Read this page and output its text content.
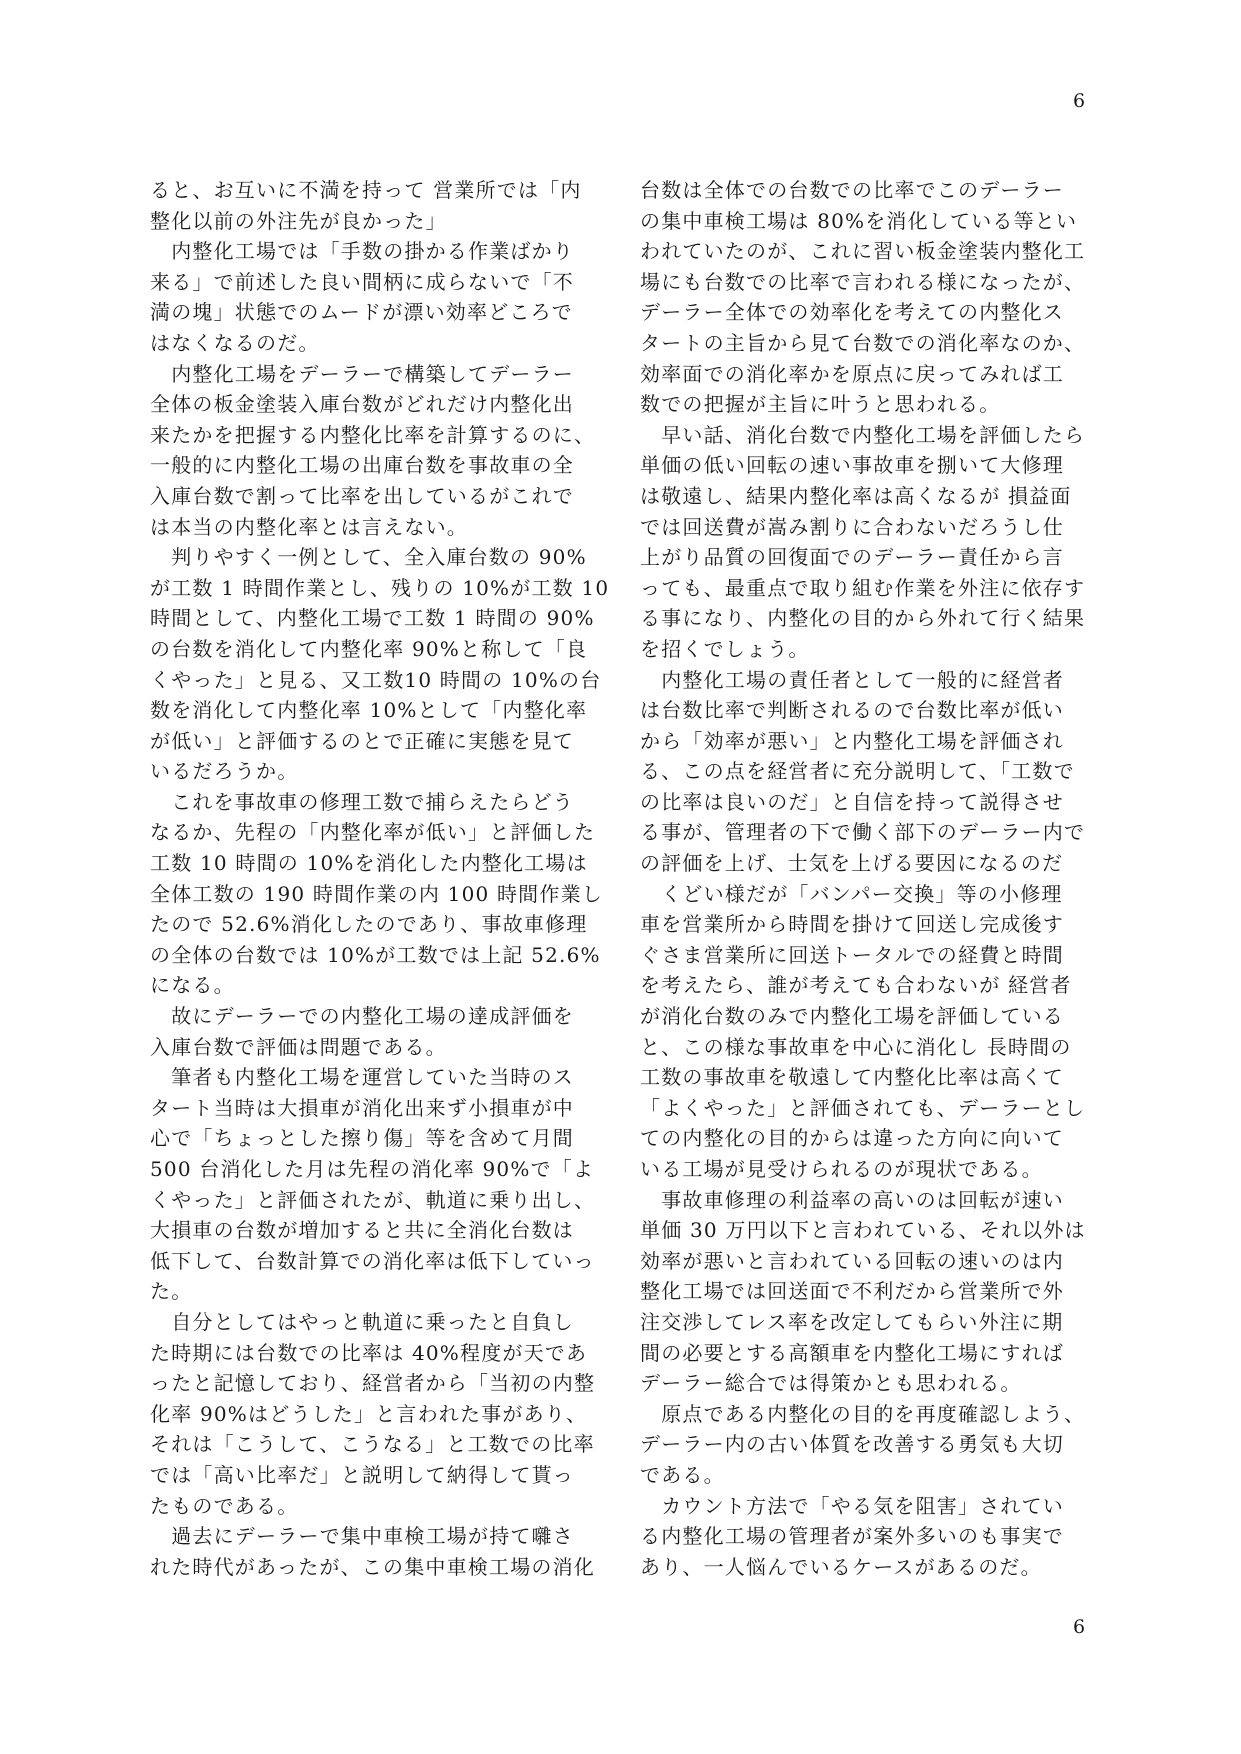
6
ると、お互いに不満を持って 営業所では「内
整化以前の外注先が良かった」
　内整化工場では「手数の掛かる作業ばかり
来る」で前述した良い間柄に成らないで「不
満の塊」状態でのムードが漂い効率どころで
はなくなるのだ。
　内整化工場をデーラーで構築してデーラー
全体の板金塗装入庫台数がどれだけ内整化出
来たかを把握する内整化比率を計算するのに、
一般的に内整化工場の出庫台数を事故車の全
入庫台数で割って比率を出しているがこれで
は本当の内整化率とは言えない。
　判りやすく一例として、全入庫台数の 90%
が工数 1 時間作業とし、残りの 10%が工数 10
時間として、内整化工場で工数 1 時間の 90%
の台数を消化して内整化率 90%と称して「良
くやった」と見る、又工数10 時間の 10%の台
数を消化して内整化率 10%として「内整化率
が低い」と評価するのとで正確に実態を見て
いるだろうか。
　これを事故車の修理工数で捕らえたらどう
なるか、先程の「内整化率が低い」と評価した
工数 10 時間の 10%を消化した内整化工場は
全体工数の 190 時間作業の内 100 時間作業し
たので 52.6%消化したのであり、事故車修理
の全体の台数では 10%が工数では上記 52.6%
になる。
　故にデーラーでの内整化工場の達成評価を
入庫台数で評価は問題である。
　筆者も内整化工場を運営していた当時のス
タート当時は大損車が消化出来ず小損車が中
心で「ちょっとした擦り傷」等を含めて月間
500 台消化した月は先程の消化率 90%で「よ
くやった」と評価されたが、軌道に乗り出し、
大損車の台数が増加すると共に全消化台数は
低下して、台数計算での消化率は低下していっ
た。
　自分としてはやっと軌道に乗ったと自負し
た時期には台数での比率は 40%程度が天であ
ったと記憶しており、経営者から「当初の内整
化率 90%はどうした」と言われた事があり、
それは「こうして、こうなる」と工数での比率
では「高い比率だ」と説明して納得して貰っ
たものである。
　過去にデーラーで集中車検工場が持て囃さ
れた時代があったが、この集中車検工場の消化
台数は全体での台数での比率でこのデーラー
の集中車検工場は 80%を消化している等とい
われていたのが、これに習い板金塗装内整化工
場にも台数での比率で言われる様になったが、
デーラー全体での効率化を考えての内整化ス
タートの主旨から見て台数での消化率なのか、
効率面での消化率かを原点に戻ってみれば工
数での把握が主旨に叶うと思われる。
　早い話、消化台数で内整化工場を評価したら
単価の低い回転の速い事故車を捌いて大修理
は敬遠し、結果内整化率は高くなるが 損益面
では回送費が嵩み割りに合わないだろうし仕
上がり品質の回復面でのデーラー責任から言
っても、最重点で取り組む作業を外注に依存す
る事になり、内整化の目的から外れて行く結果
を招くでしょう。
　内整化工場の責任者として一般的に経営者
は台数比率で判断されるので台数比率が低い
から「効率が悪い」と内整化工場を評価され
る、この点を経営者に充分説明して、「工数で
の比率は良いのだ」と自信を持って説得させ
る事が、管理者の下で働く部下のデーラー内で
の評価を上げ、士気を上げる要因になるのだ
　くどい様だが「バンパー交換」等の小修理
車を営業所から時間を掛けて回送し完成後す
ぐさま営業所に回送トータルでの経費と時間
を考えたら、誰が考えても合わないが 経営者
が消化台数のみで内整化工場を評価している
と、この様な事故車を中心に消化し 長時間の
工数の事故車を敬遠して内整化比率は高くて
「よくやった」と評価されても、デーラーとし
ての内整化の目的からは違った方向に向いて
いる工場が見受けられるのが現状である。
　事故車修理の利益率の高いのは回転が速い
単価 30 万円以下と言われている、それ以外は
効率が悪いと言われている回転の速いのは内
整化工場では回送面で不利だから営業所で外
注交渉してレス率を改定してもらい外注に期
間の必要とする高額車を内整化工場にすれば
デーラー総合では得策かとも思われる。
　原点である内整化の目的を再度確認しよう、
デーラー内の古い体質を改善する勇気も大切
である。
　カウント方法で「やる気を阻害」されてい
る内整化工場の管理者が案外多いのも事実で
あり、一人悩んでいるケースがあるのだ。
6
